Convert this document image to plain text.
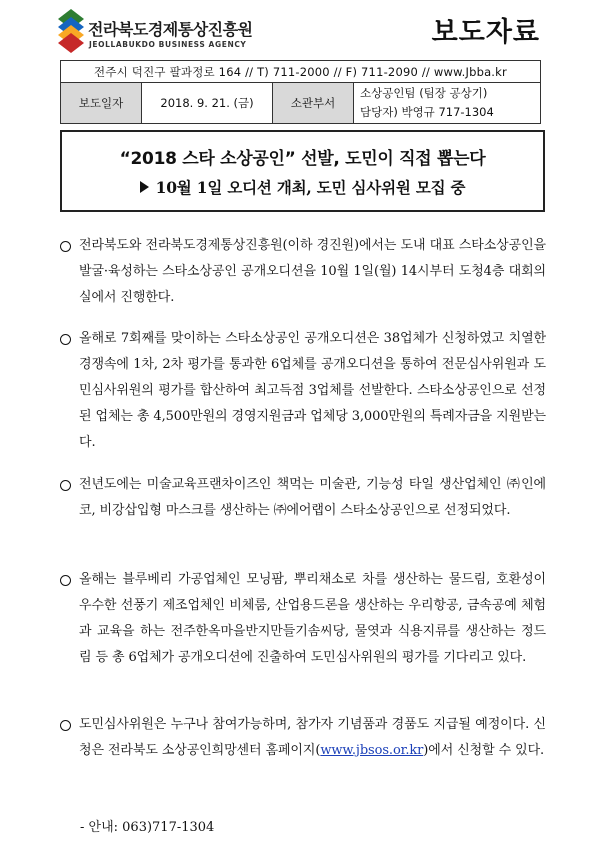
전라북도경제통상진흥원
JEOLLABUKDO BUSINESS AGENCY	보도자료
전주시 덕진구 팔과정로 164 // T) 711-2000 // F) 711-2090 // www.Jbba.kr
보도일자	2018. 9. 21. (금)	소관부서	
소상공인팀 (팀장 공상기)
담당자) 박영규 717-1304
“2018 스타 소상공인” 선발, 도민이 직접 뽑는다
10월 1일 오디션 개최, 도민 심사위원 모집 중
전라북도와 전라북도경제통상진흥원(이하 경진원)에서는 도내 대표 스타소상공인을 발굴·육성하는 스타소상공인 공개오디션을 10월 1일(월) 14시부터 도청4층 대회의실에서 진행한다.
올해로 7회째를 맞이하는 스타소상공인 공개오디션은 38업체가 신청하였고 치열한 경쟁속에 1차, 2차 평가를 통과한 6업체를 공개오디션을 통하여 전문심사위원과 도민심사위원의 평가를 합산하여 최고득점 3업체를 선발한다. 스타소상공인으로 선정된 업체는 총 4,500만원의 경영지원금과 업체당 3,000만원의 특례자금을 지원받는다.
전년도에는 미술교육프랜차이즈인 책먹는 미술관, 기능성 타일 생산업체인 ㈜인에코, 비강삽입형 마스크를 생산하는 ㈜에어랩이 스타소상공인으로 선정되었다.
올해는 블루베리 가공업체인 모닝팜, 뿌리채소로 차를 생산하는 물드림, 호환성이 우수한 선풍기 제조업체인 비체룸, 산업용드론을 생산하는 우리항공, 금속공예 체험과 교육을 하는 전주한옥마을반지만들기솜씨당, 물엿과 식용지류를 생산하는 정드림 등 총 6업체가 공개오디션에 진출하여 도민심사위원의 평가를 기다리고 있다.
도민심사위원은 누구나 참여가능하며, 참가자 기념품과 경품도 지급될 예정이다. 신청은 전라북도 소상공인희망센터 홈페이지(www.jbsos.or.kr)에서 신청할 수 있다.
- 안내: 063)717-1304
